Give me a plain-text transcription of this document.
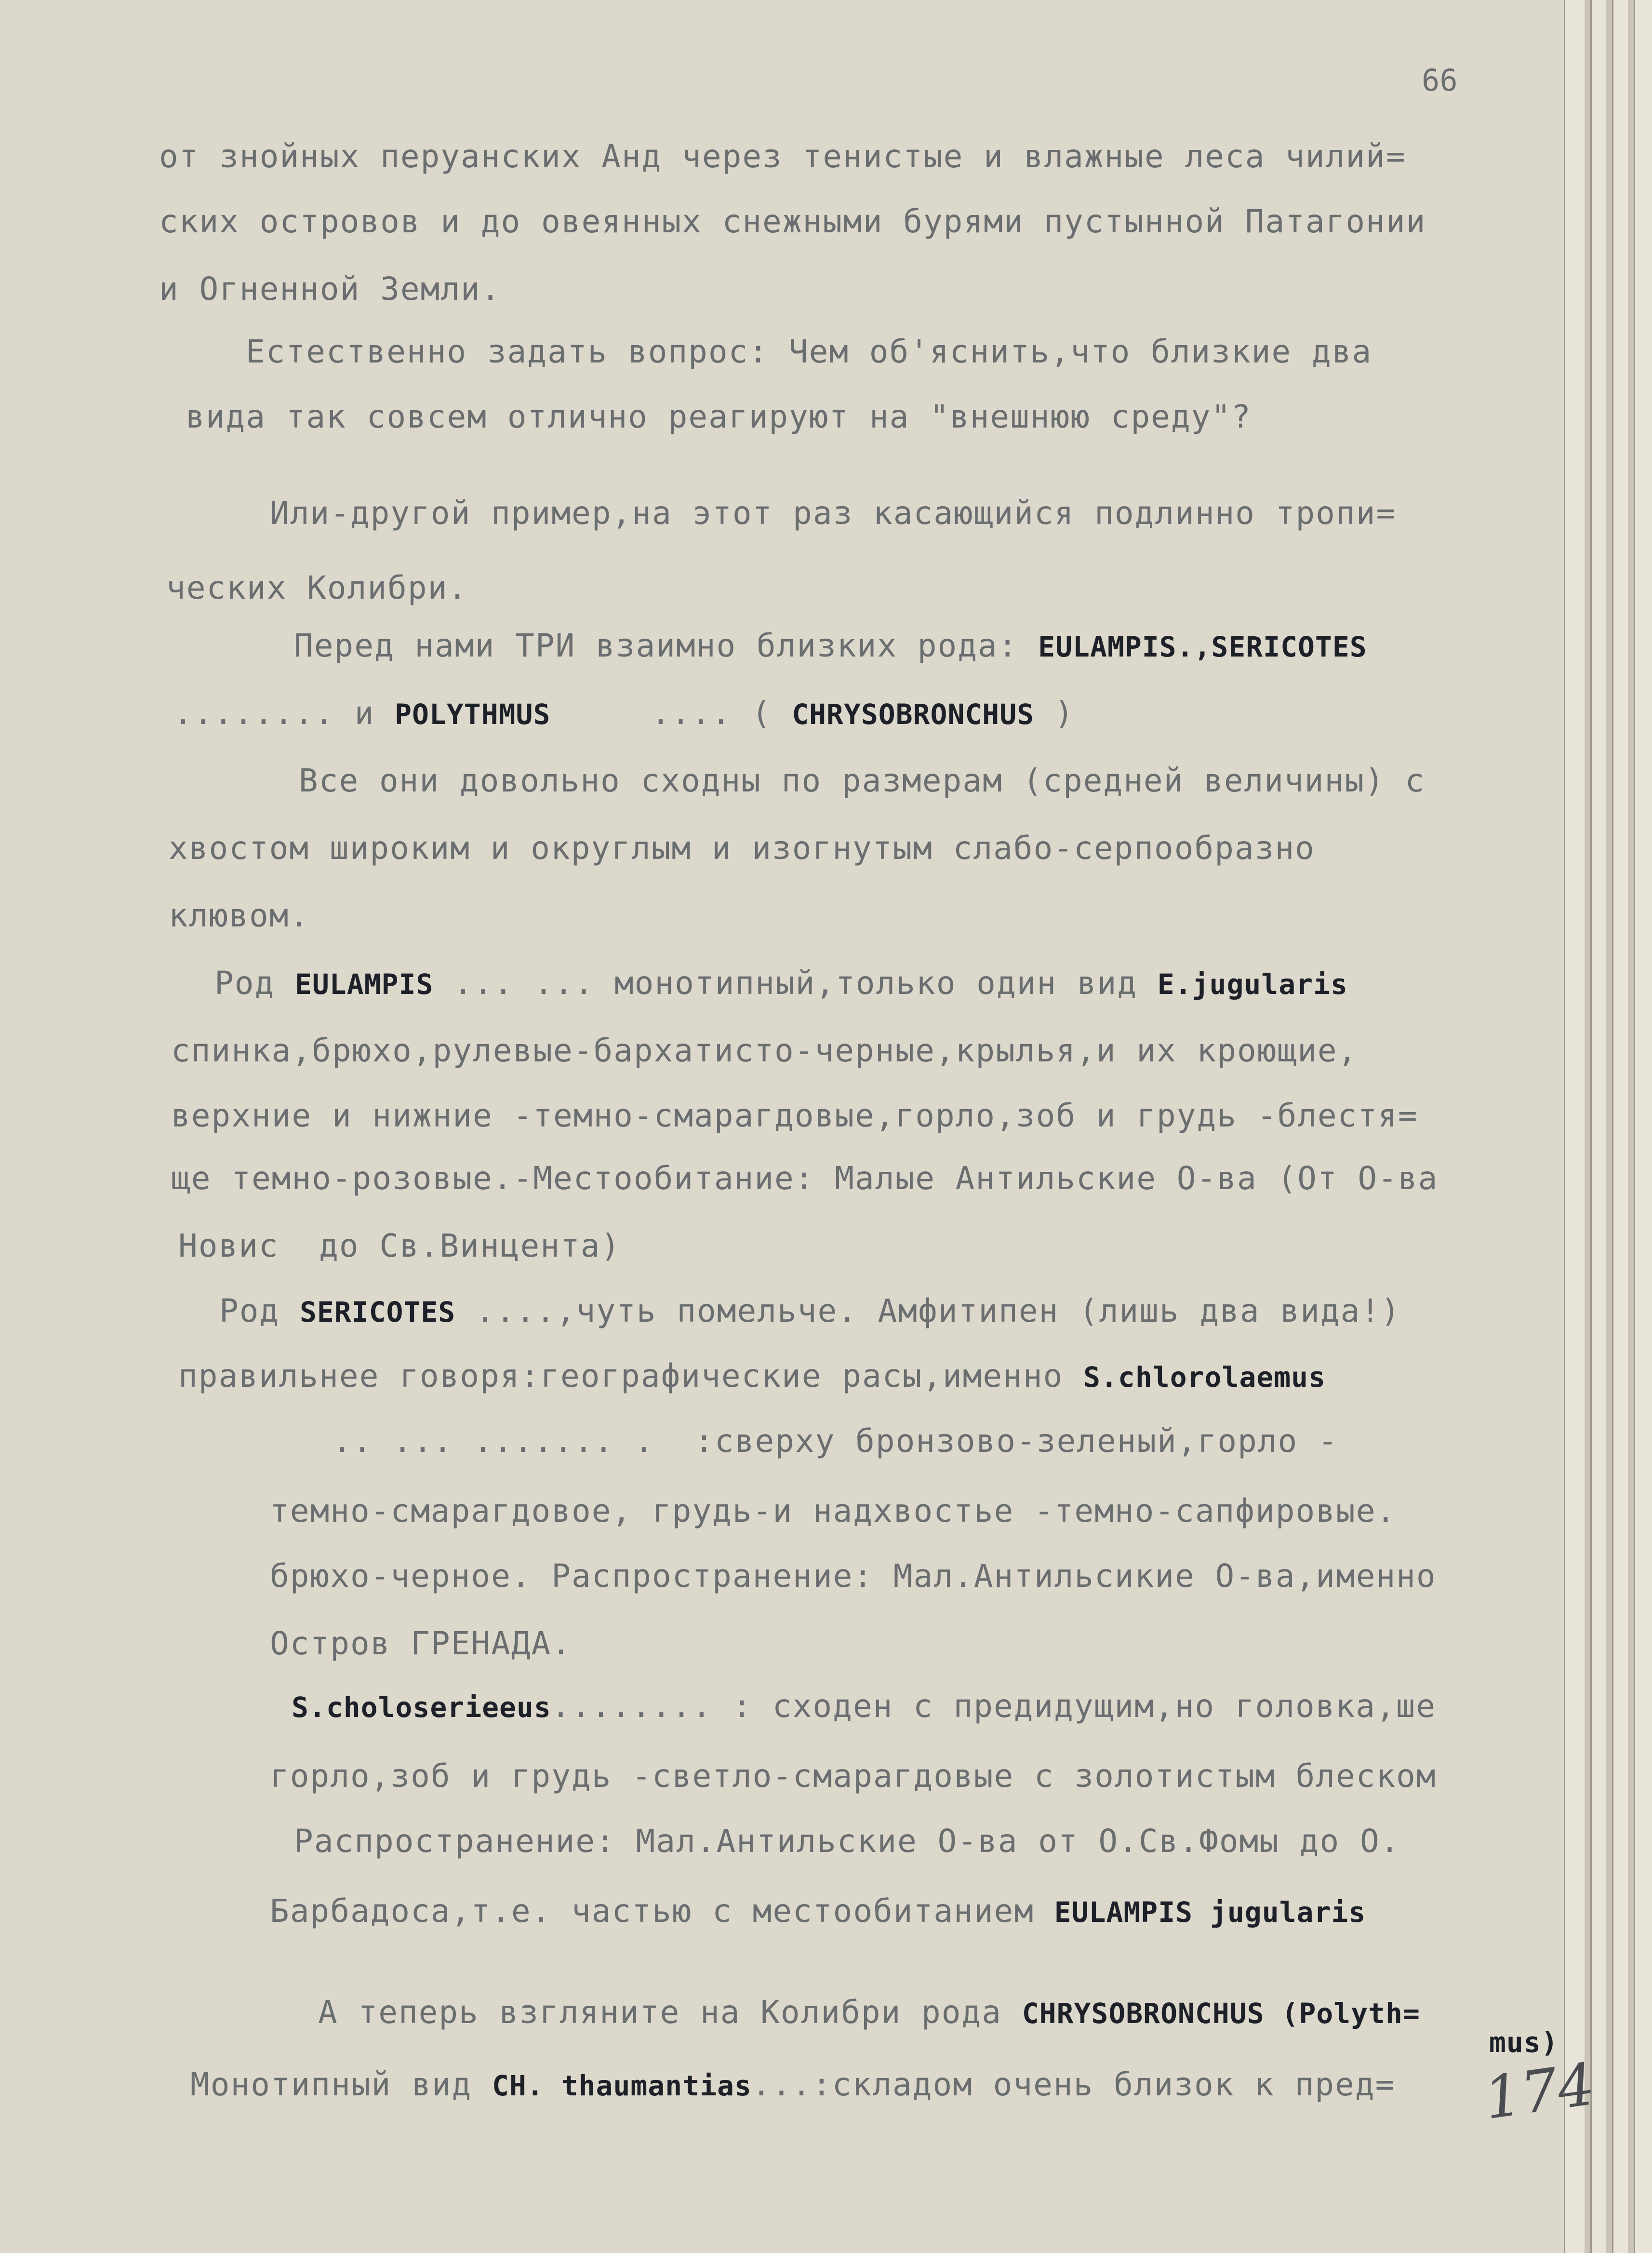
66
от знойных перуанских Анд через тенистые и влажные леса чилий=
ских островов и до овеянных снежными бурями пустынной Патагонии
и Огненной Земли.
Естественно задать вопрос: Чем об'яснить,что близкие два
вида так совсем отлично реагируют на "внешнюю среду"?
Или-другой пример,на этот раз касающийся подлинно тропи=
ческих Колибри.
Перед нами ТРИ взаимно близких рода: EULAMPIS.,SERICOTES
........ и POLYTHMUS     .... ( CHRYSOBRONCHUS )
Все они довольно сходны по размерам (средней величины) с
хвостом широким и округлым и изогнутым слабо-серпообразно
клювом.
Род EULAMPIS ... ... монотипный,только один вид E.jugularis
спинка,брюхо,рулевые-бархатисто-черные,крылья,и их кроющие,
верхние и нижние -темно-смарагдовые,горло,зоб и грудь -блестя=
ще темно-розовые.-Местообитание: Малые Антильские О-ва (От О-ва
Новис  до Св.Винцента)
Род SERICOTES ....,чуть помельче. Амфитипен (лишь два вида!)
правильнее говоря:географические расы,именно S.chlorolaemus
.. ... ....... .  :сверху бронзово-зеленый,горло -
темно-смарагдовое, грудь-и надхвостье -темно-сапфировые.
брюхо-черное. Распространение: Мал.Антильсикие О-ва,именно
Остров ГРЕНАДА.
S.choloserieeus........ : сходен с предидущим,но головка,ше
горло,зоб и грудь -светло-смарагдовые с золотистым блеском
Распространение: Мал.Антильские О-ва от О.Св.Фомы до О.
Барбадоса,т.е. частью с местообитанием EULAMPIS jugularis
А теперь взгляните на Колибри рода CHRYSOBRONCHUS (Polyth=
mus)
Монотипный вид CH. thaumantias...:складом очень близок к пред= 174
